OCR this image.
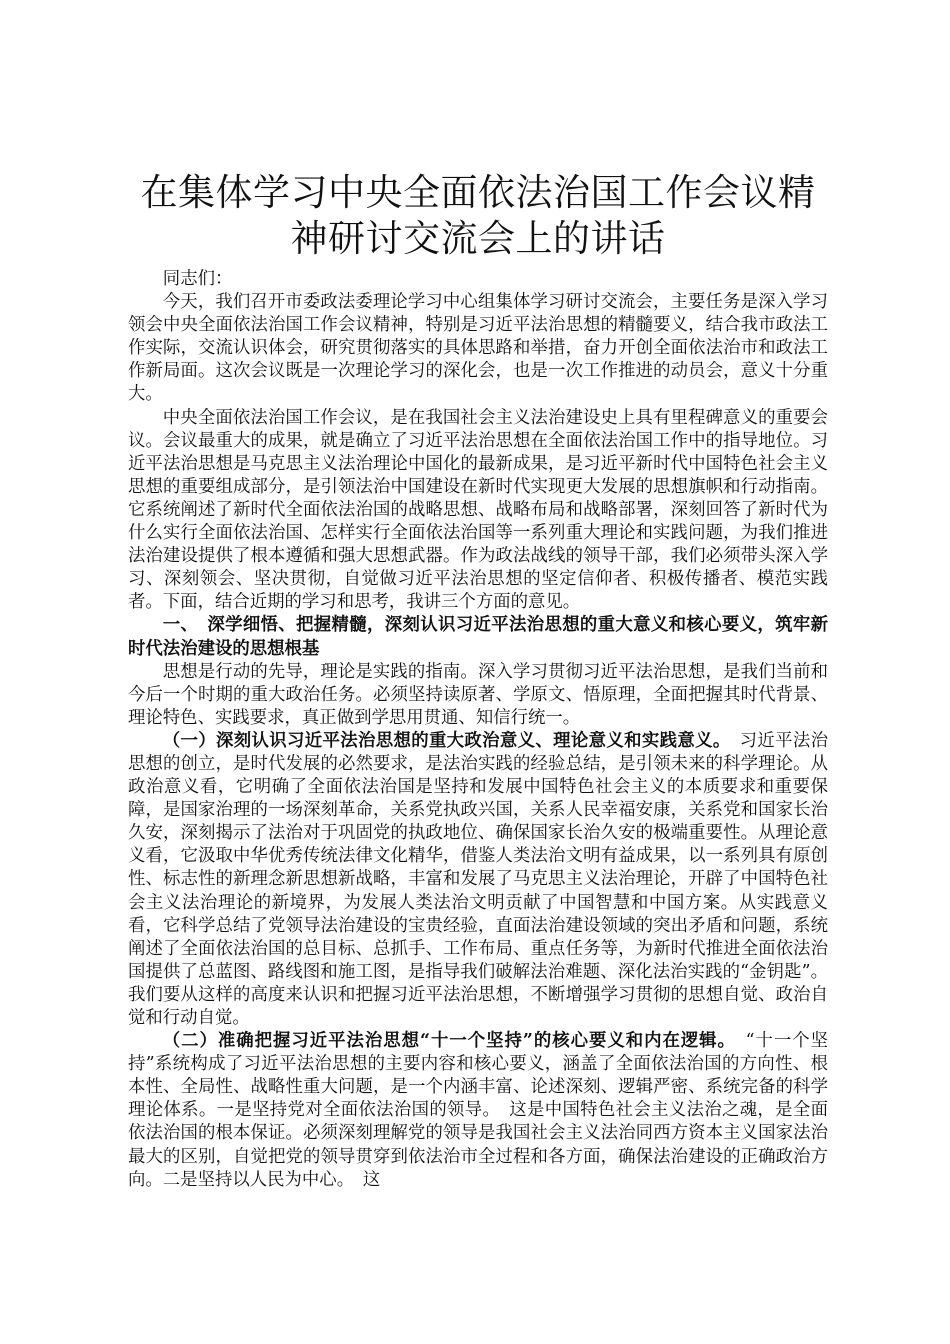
在集体学习中央全面依法治国工作会议精神研讨交流会上的讲话

同志们：

今天，我们召开市委政法委理论学习中心组集体学习研讨交流会，主要任务是深入学习领会中央全面依法治国工作会议精神，特别是习近平法治思想的精髓要义，结合我市政法工作实际，交流认识体会，研究贯彻落实的具体思路和举措，奋力开创全面依法治市和政法工作新局面。这次会议既是一次理论学习的深化会，也是一次工作推进的动员会，意义十分重大。

中央全面依法治国工作会议，是在我国社会主义法治建设史上具有里程碑意义的重要会议。会议最重大的成果，就是确立了习近平法治思想在全面依法治国工作中的指导地位。习近平法治思想是马克思主义法治理论中国化的最新成果，是习近平新时代中国特色社会主义思想的重要组成部分，是引领法治中国建设在新时代实现更大发展的思想旗帜和行动指南。它系统阐述了新时代全面依法治国的战略思想、战略布局和战略部署，深刻回答了新时代为什么实行全面依法治国、怎样实行全面依法治国等一系列重大理论和实践问题，为我们推进法治建设提供了根本遵循和强大思想武器。作为政法战线的领导干部，我们必须带头深入学习、深刻领会、坚决贯彻，自觉做习近平法治思想的坚定信仰者、积极传播者、模范实践者。下面，结合近期的学习和思考，我讲三个方面的意见。

一、　深学细悟、把握精髓，深刻认识习近平法治思想的重大意义和核心要义，筑牢新时代法治建设的思想根基

思想是行动的先导，理论是实践的指南。深入学习贯彻习近平法治思想，是我们当前和今后一个时期的重大政治任务。必须坚持读原著、学原文、悟原理，全面把握其时代背景、理论特色、实践要求，真正做到学思用贯通、知信行统一。

（一）深刻认识习近平法治思想的重大政治意义、理论意义和实践意义。　习近平法治思想的创立，是时代发展的必然要求，是法治实践的经验总结，是引领未来的科学理论。从政治意义看，它明确了全面依法治国是坚持和发展中国特色社会主义的本质要求和重要保障，是国家治理的一场深刻革命，关系党执政兴国，关系人民幸福安康，关系党和国家长治久安，深刻揭示了法治对于巩固党的执政地位、确保国家长治久安的极端重要性。从理论意义看，它汲取中华优秀传统法律文化精华，借鉴人类法治文明有益成果，以一系列具有原创性、标志性的新理念新思想新战略，丰富和发展了马克思主义法治理论，开辟了中国特色社会主义法治理论的新境界，为发展人类法治文明贡献了中国智慧和中国方案。从实践意义看，它科学总结了党领导法治建设的宝贵经验，直面法治建设领域的突出矛盾和问题，系统阐述了全面依法治国的总目标、总抓手、工作布局、重点任务等，为新时代推进全面依法治国提供了总蓝图、路线图和施工图，是指导我们破解法治难题、深化法治实践的“金钥匙”。我们要从这样的高度来认识和把握习近平法治思想，不断增强学习贯彻的思想自觉、政治自觉和行动自觉。

（二）准确把握习近平法治思想“十一个坚持”的核心要义和内在逻辑。　“十一个坚持”系统构成了习近平法治思想的主要内容和核心要义，涵盖了全面依法治国的方向性、根本性、全局性、战略性重大问题，是一个内涵丰富、论述深刻、逻辑严密、系统完备的科学理论体系。一是坚持党对全面依法治国的领导。　这是中国特色社会主义法治之魂，是全面依法治国的根本保证。必须深刻理解党的领导是我国社会主义法治同西方资本主义国家法治最大的区别，自觉把党的领导贯穿到依法治市全过程和各方面，确保法治建设的正确政治方向。二是坚持以人民为中心。　这
